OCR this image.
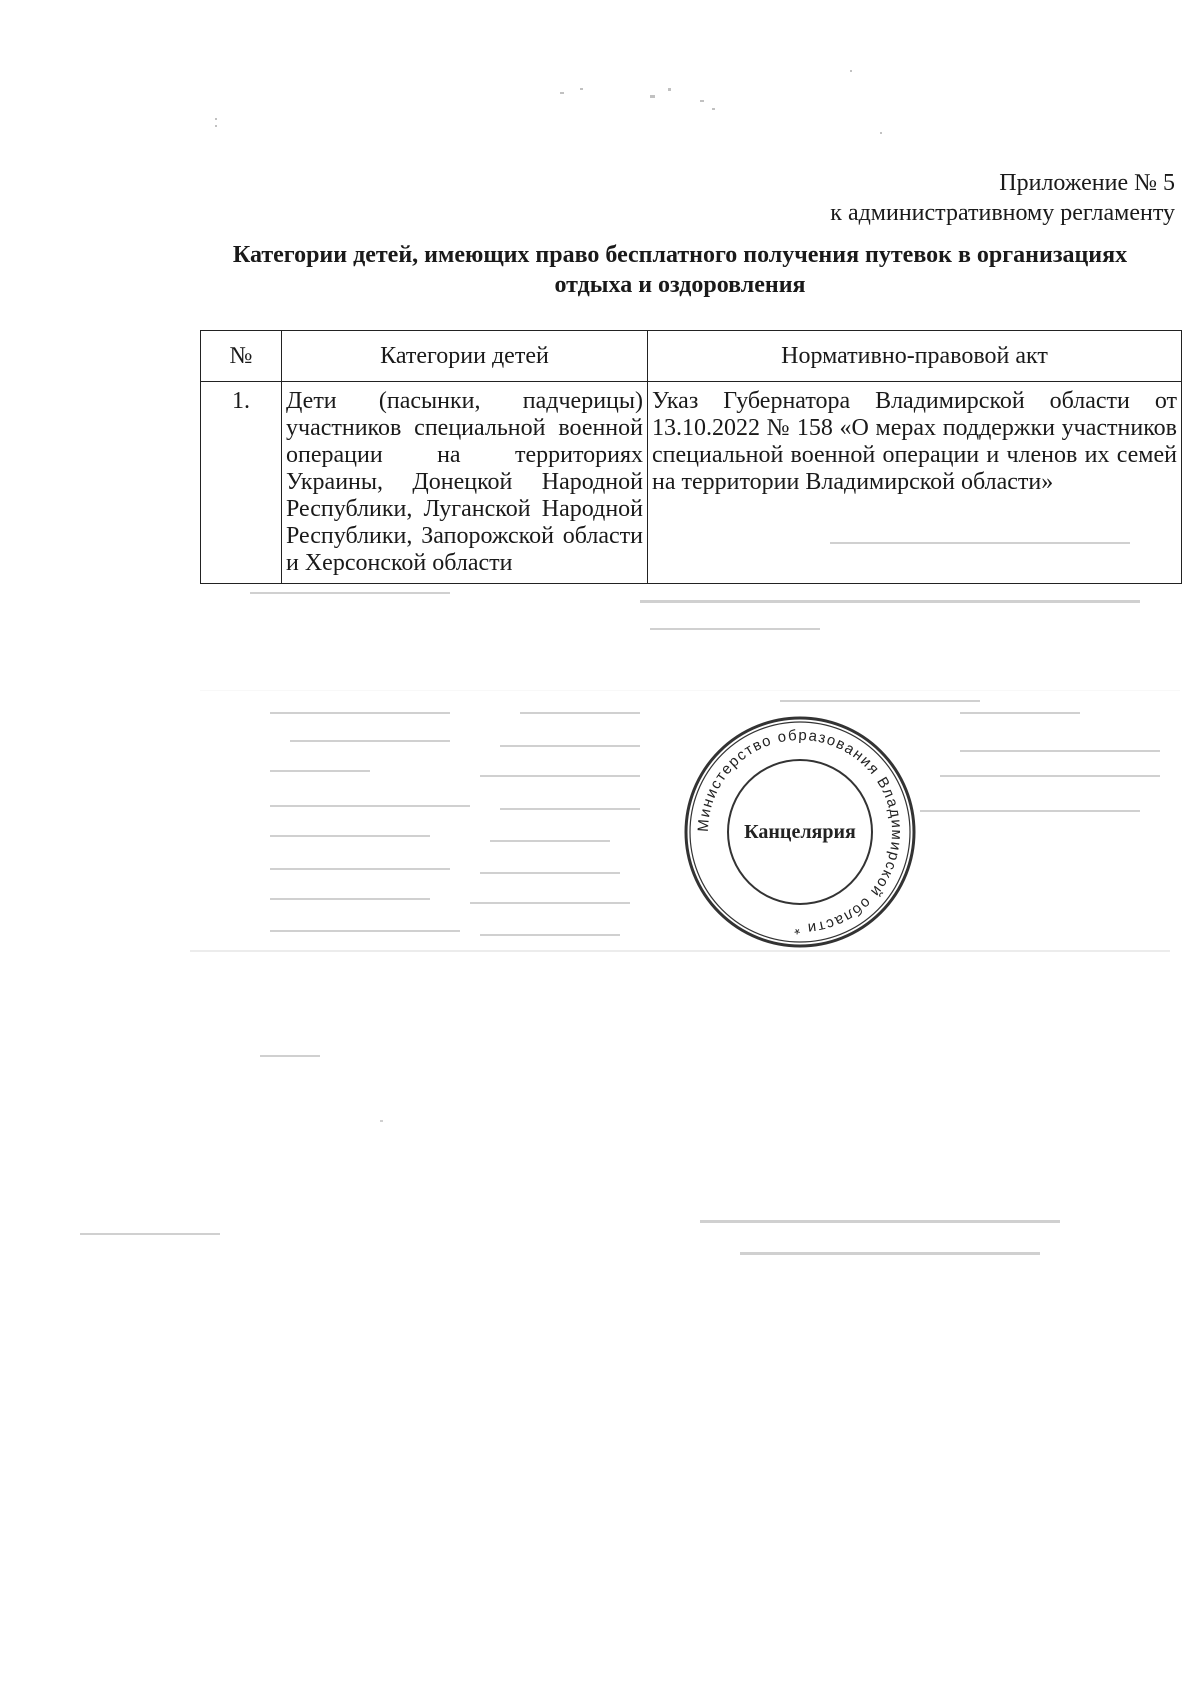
Приложение № 5
к административному регламенту
Категории детей, имеющих право бесплатного получения путевок в организациях
отдыха и оздоровления
№	Категории детей	Нормативно-правовой акт
1.	Дети (пасынки, падчерицы) участников специальной военной операции на территориях Украины, Донецкой Народной Республики, Луганской Народной Республики, Запорожской области и Херсонской области	Указ Губернатора Владимирской области от 13.10.2022 № 158 «О мерах поддержки участников специальной военной операции и членов их семей на территории Владимирской области»
Министерство образования Владимирской области *
Канцелярия
